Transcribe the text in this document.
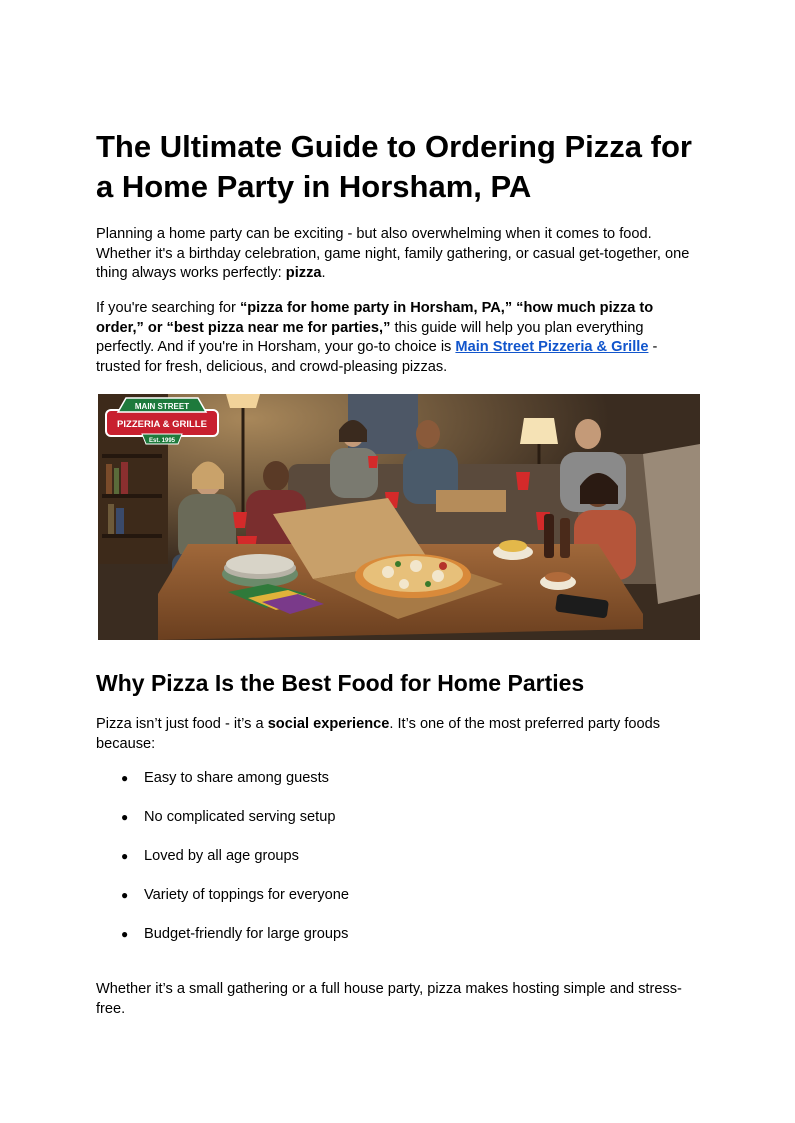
The Ultimate Guide to Ordering Pizza for a Home Party in Horsham, PA

Planning a home party can be exciting - but also overwhelming when it comes to food. Whether it's a birthday celebration, game night, family gathering, or casual get-together, one thing always works perfectly: pizza.

If you're searching for “pizza for home party in Horsham, PA,” “how much pizza to order,” or “best pizza near me for parties,” this guide will help you plan everything perfectly. And if you're in Horsham, your go-to choice is Main Street Pizzeria & Grille - trusted for fresh, delicious, and crowd-pleasing pizzas.

MAIN STREET
PIZZERIA & GRILLE
Est. 1995
Why Pizza Is the Best Food for Home Parties

Pizza isn’t just food - it’s a social experience. It’s one of the most preferred party foods because:

● Easy to share among guests
● No complicated serving setup
● Loved by all age groups
● Variety of toppings for everyone
● Budget-friendly for large groups

Whether it’s a small gathering or a full house party, pizza makes hosting simple and stress-free.
